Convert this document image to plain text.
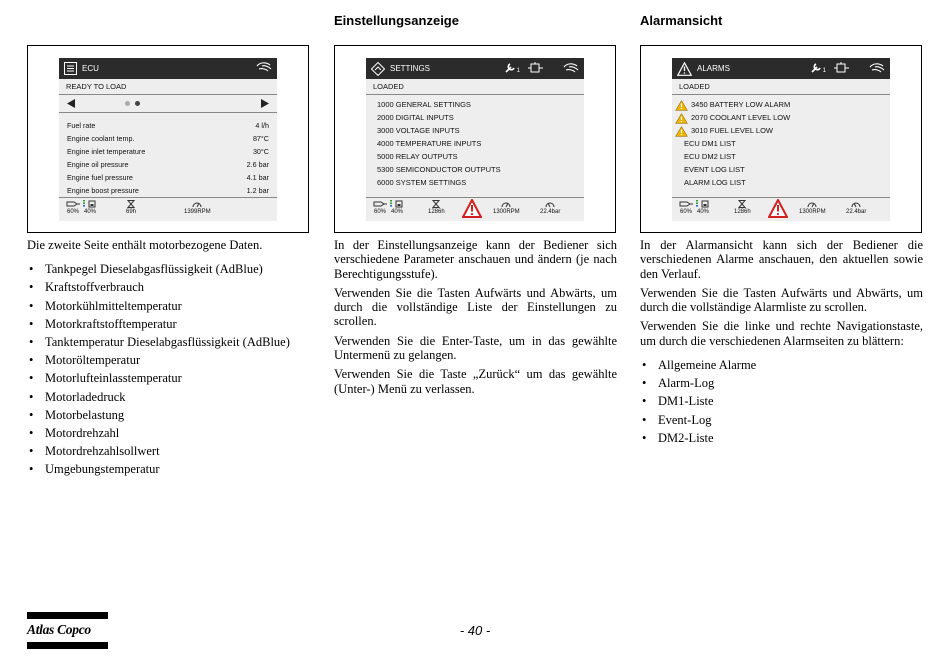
Einstellungsanzeige	Alarmansicht
ECU
READY TO LOAD
Fuel rate	4 l/h
Engine coolant temp.	87°C
Engine inlet temperature	30°C
Engine oil pressure	2.6 bar
Engine fuel pressure	4.1 bar
Engine boost pressure	1.2 bar
60% 40%	69h	1399RPM
SETTINGS	1
LOADED
1000 GENERAL SETTINGS
2000 DIGITAL INPUTS
3000 VOLTAGE INPUTS
4000 TEMPERATURE INPUTS
5000 RELAY OUTPUTS
5300 SEMICONDUCTOR OUTPUTS
6000 SYSTEM SETTINGS
60% 40%	1286h	1300RPM	22.4bar
ALARMS	1
LOADED
3450 BATTERY LOW ALARM
2070 COOLANT LEVEL LOW
3010 FUEL LEVEL LOW
ECU DM1 LIST
ECU DM2 LIST
EVENT LOG LIST
ALARM LOG LIST
60% 40%	1286h	1300RPM	22.4bar

Die zweite Seite enthält motorbezogene Daten.

• Tankpegel Dieselabgasflüssigkeit (AdBlue)
• Kraftstoffverbrauch
• Motorkühlmitteltemperatur
• Motorkraftstofftemperatur
• Tanktemperatur Dieselabgasflüssigkeit (AdBlue)
• Motoröltemperatur
• Motorlufteinlasstemperatur
• Motorladedruck
• Motorbelastung
• Motordrehzahl
• Motordrehzahlsollwert
• Umgebungstemperatur

In der Einstellungsanzeige kann der Bediener sich verschiedene Parameter anschauen und ändern (je nach Berechtigungsstufe).

Verwenden Sie die Tasten Aufwärts und Abwärts, um durch die vollständige Liste der Einstellungen zu scrollen.

Verwenden Sie die Enter-Taste, um in das gewählte Untermenü zu gelangen.

Verwenden Sie die Taste „Zurück“ um das gewählte (Unter-) Menü zu verlassen.

In der Alarmansicht kann sich der Bediener die verschiedenen Alarme anschauen, den aktuellen sowie den Verlauf.

Verwenden Sie die Tasten Aufwärts und Abwärts, um durch die vollständige Alarmliste zu scrollen.

Verwenden Sie die linke und rechte Navigationstaste, um durch die verschiedenen Alarmseiten zu blättern:

• Allgemeine Alarme
• Alarm-Log
• DM1-Liste
• Event-Log
• DM2-Liste
Atlas Copco	- 40 -
